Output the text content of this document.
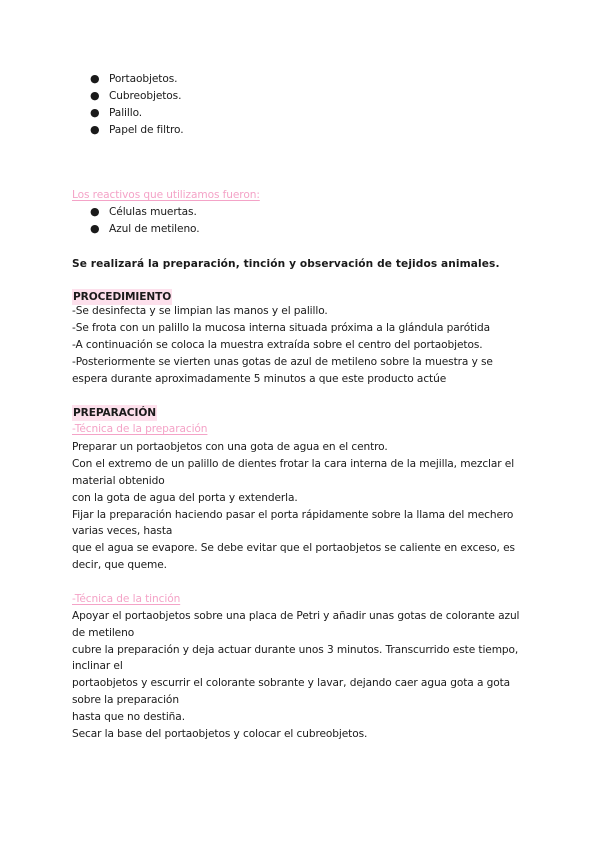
● Portaobjetos.
● Cubreobjetos.
● Palillo.
● Papel de filtro.
Los reactivos que utilizamos fueron:
● Células muertas.
● Azul de metileno.
Se realizará la preparación, tinción y observación de tejidos animales.
PROCEDIMIENTO
-Se desinfecta y se limpian las manos y el palillo.
-Se frota con un palillo la mucosa interna situada próxima a la glándula parótida
-A continuación se coloca la muestra extraída sobre el centro del portaobjetos.
-Posteriormente se vierten unas gotas de azul de metileno sobre la muestra y se
espera durante aproximadamente 5 minutos a que este producto actúe
PREPARACIÓN
-Técnica de la preparación
Preparar un portaobjetos con una gota de agua en el centro.
Con el extremo de un palillo de dientes frotar la cara interna de la mejilla, mezclar el
material obtenido
con la gota de agua del porta y extenderla.
Fijar la preparación haciendo pasar el porta rápidamente sobre la llama del mechero
varias veces, hasta
que el agua se evapore. Se debe evitar que el portaobjetos se caliente en exceso, es
decir, que queme.
-Técnica de la tinción
Apoyar el portaobjetos sobre una placa de Petri y añadir unas gotas de colorante azul
de metileno
cubre la preparación y deja actuar durante unos 3 minutos. Transcurrido este tiempo,
inclinar el
portaobjetos y escurrir el colorante sobrante y lavar, dejando caer agua gota a gota
sobre la preparación
hasta que no destiña.
Secar la base del portaobjetos y colocar el cubreobjetos.
